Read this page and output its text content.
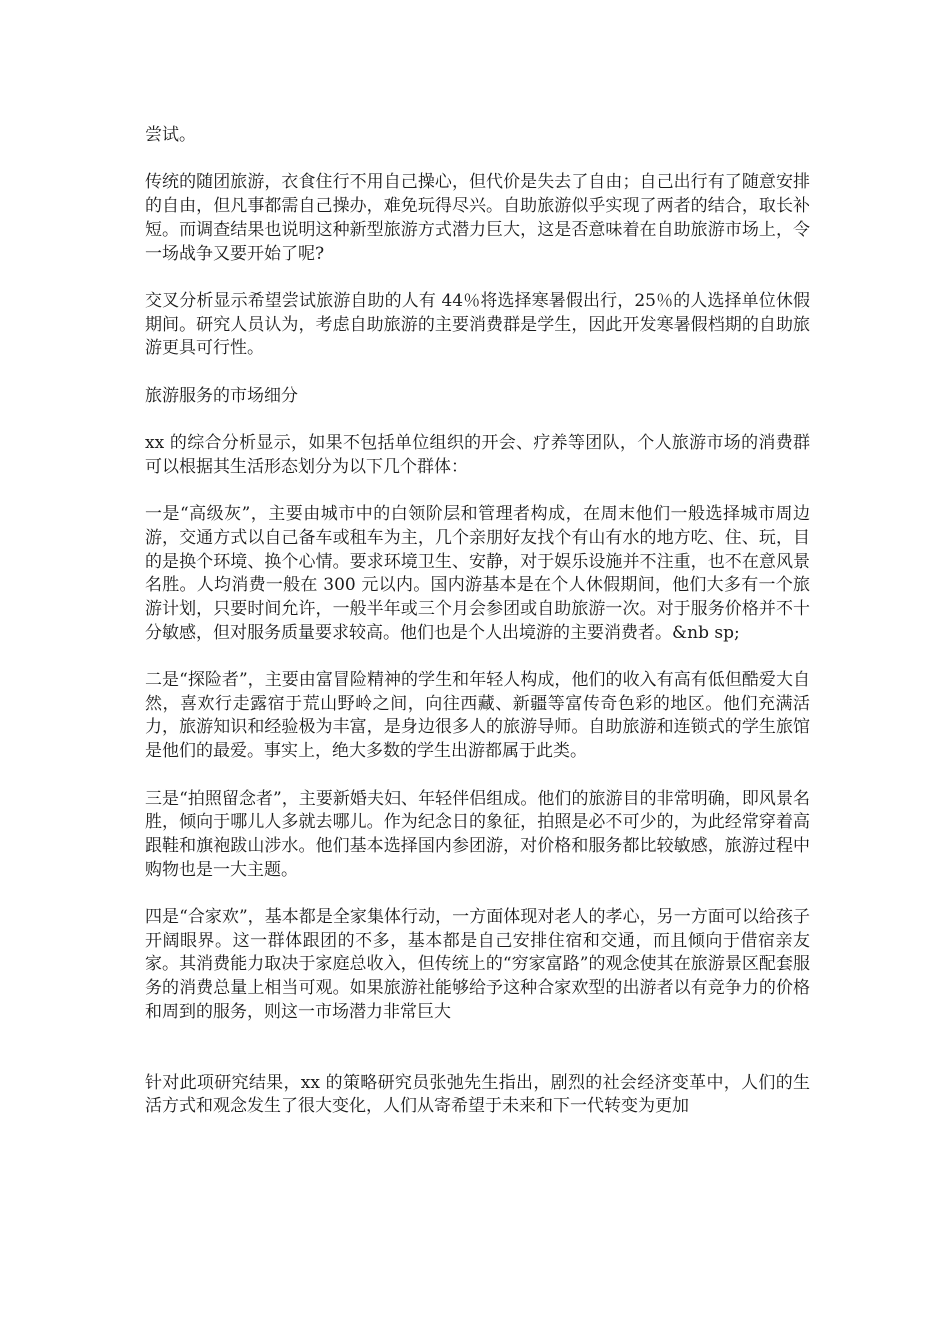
尝试。

传统的随团旅游，衣食住行不用自己操心，但代价是失去了自由；自己出行有了随意安排的自由，但凡事都需自己操办，难免玩得尽兴。自助旅游似乎实现了两者的结合，取长补短。而调查结果也说明这种新型旅游方式潜力巨大，这是否意味着在自助旅游市场上，令一场战争又要开始了呢?

交叉分析显示希望尝试旅游自助的人有 44％将选择寒暑假出行，25％的人选择单位休假期间。研究人员认为，考虑自助旅游的主要消费群是学生，因此开发寒暑假档期的自助旅游更具可行性。

旅游服务的市场细分

xx 的综合分析显示，如果不包括单位组织的开会、疗养等团队，个人旅游市场的消费群可以根据其生活形态划分为以下几个群体：

一是“高级灰”，主要由城市中的白领阶层和管理者构成，在周末他们一般选择城市周边游，交通方式以自己备车或租车为主，几个亲朋好友找个有山有水的地方吃、住、玩，目的是换个环境、换个心情。要求环境卫生、安静，对于娱乐设施并不注重，也不在意风景名胜。人均消费一般在 300 元以内。国内游基本是在个人休假期间，他们大多有一个旅游计划，只要时间允许，一般半年或三个月会参团或自助旅游一次。对于服务价格并不十分敏感，但对服务质量要求较高。他们也是个人出境游的主要消费者。&nb sp;

二是“探险者”，主要由富冒险精神的学生和年轻人构成，他们的收入有高有低但酷爱大自然，喜欢行走露宿于荒山野岭之间，向往西藏、新疆等富传奇色彩的地区。他们充满活力，旅游知识和经验极为丰富，是身边很多人的旅游导师。自助旅游和连锁式的学生旅馆是他们的最爱。事实上，绝大多数的学生出游都属于此类。

三是“拍照留念者”，主要新婚夫妇、年轻伴侣组成。他们的旅游目的非常明确，即风景名胜，倾向于哪儿人多就去哪儿。作为纪念日的象征，拍照是必不可少的，为此经常穿着高跟鞋和旗袍跋山涉水。他们基本选择国内参团游，对价格和服务都比较敏感，旅游过程中购物也是一大主题。

四是“合家欢”，基本都是全家集体行动，一方面体现对老人的孝心，另一方面可以给孩子开阔眼界。这一群体跟团的不多，基本都是自己安排住宿和交通，而且倾向于借宿亲友家。其消费能力取决于家庭总收入，但传统上的“穷家富路”的观念使其在旅游景区配套服务的消费总量上相当可观。如果旅游社能够给予这种合家欢型的出游者以有竞争力的价格和周到的服务，则这一市场潜力非常巨大

针对此项研究结果，xx 的策略研究员张弛先生指出，剧烈的社会经济变革中，人们的生活方式和观念发生了很大变化，人们从寄希望于未来和下一代转变为更加
